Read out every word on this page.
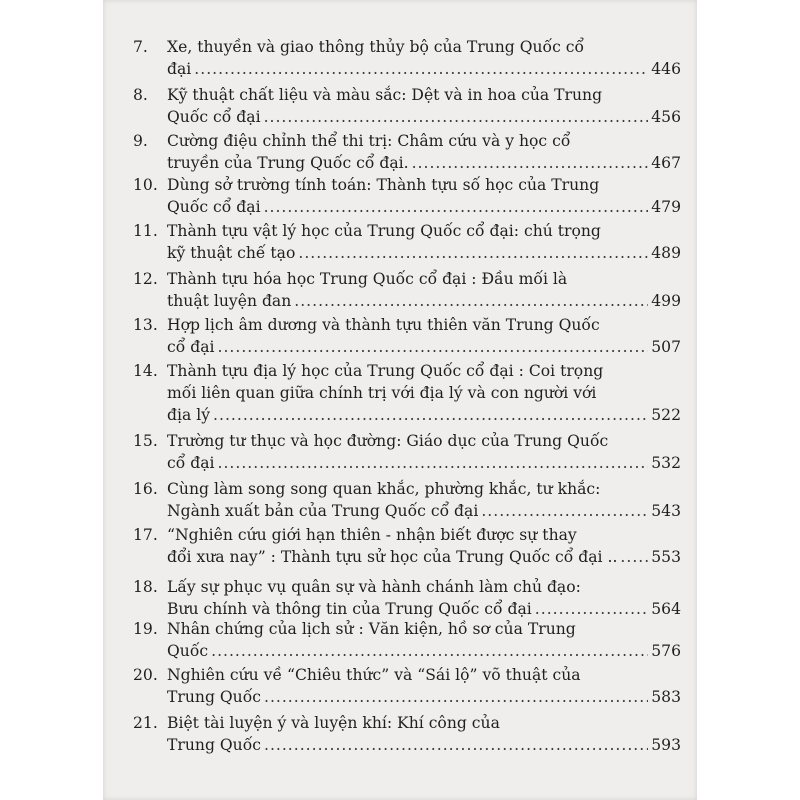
7.	Xe, thuyền và giao thông thủy bộ của Trung Quốc cổ
đại .....	446
8.	Kỹ thuật chất liệu và màu sắc: Dệt và in hoa của Trung
Quốc cổ đại .....	456
9.	Cường điệu chỉnh thể thi trị: Châm cứu và y học cổ
truyền của Trung Quốc cổ đại. .....	467
10. Dùng sở trường tính toán: Thành tựu số học của Trung
Quốc cổ đại .....	479
11. Thành tựu vật lý học của Trung Quốc cổ đại: chú trọng
kỹ thuật chế tạo .....	489
12. Thành tựu hóa học Trung Quốc cổ đại : Đầu mối là
thuật luyện đan .....	499
13. Hợp lịch âm dương và thành tựu thiên văn Trung Quốc
cổ đại .....	507
14. Thành tựu địa lý học của Trung Quốc cổ đại : Coi trọng
mối liên quan giữa chính trị với địa lý và con người với
địa lý .....	522
15. Trường tư thục và học đường: Giáo dục của Trung Quốc
cổ đại .....	532
16. Cùng làm song song quan khắc, phường khắc, tư khắc:
Ngành xuất bản của Trung Quốc cổ đại .....	543
17. “Nghiên cứu giới hạn thiên - nhận biết được sự thay
đổi xưa nay” : Thành tựu sử học của Trung Quốc cổ đại .. ..... 553
18. Lấy sự phục vụ quân sự và hành chánh làm chủ đạo:
Bưu chính và thông tin của Trung Quốc cổ đại .....	564
19. Nhân chứng của lịch sử : Văn kiện, hồ sơ của Trung
Quốc .....	576
20. Nghiên cứu về “Chiêu thức” và “Sái lộ” võ thuật của
Trung Quốc .....	583
21. Biệt tài luyện ý và luyện khí: Khí công của
Trung Quốc .....	593
